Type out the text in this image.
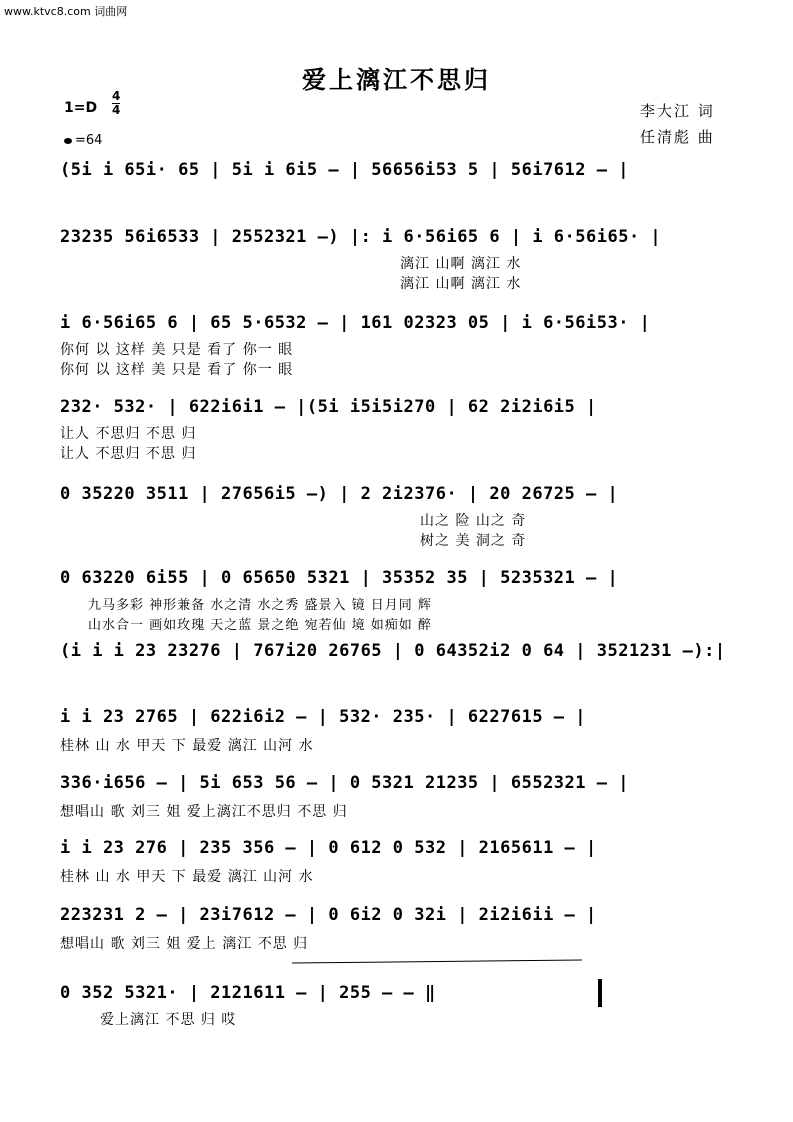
www.ktvc8.com 词曲网
爱上漓江不思归
1=D
4
4
=64
李大江 词
任清彪 曲
(5i i 65i· 65 | 5i i 6i5 – | 56656i53 5 | 56i7612 – |
23235 56i6533 | 2552321 –) |: i 6·56i65 6 | i 6·56i65· |
漓江 山啊 漓江 水
漓江 山啊 漓江 水
i 6·56i65 6 | 65 5·6532 – | 161 02323 05 | i 6·56i53· |
你何 以 这样 美 只是 看了 你一 眼
你何 以 这样 美 只是 看了 你一 眼
232· 532· | 622i6i1 – |(5i i5i5i270 | 62 2i2i6i5 |
让人 不思归 不思 归
让人 不思归 不思 归
0 35220 3511 | 27656i5 –) | 2 2i2376· | 20 26725 – |
山之 险 山之 奇
树之 美 洞之 奇
0 63220 6i55 | 0 65650 5321 | 35352 35 | 5235321 – |
九马多彩 神形兼备 水之清 水之秀 盛景入 镜 日月同 辉
山水合一 画如玫瑰 天之蓝 景之绝 宛若仙 境 如痴如 醉
(i i i 23 23276 | 767i20 26765 | 0 64352i2 0 64 | 3521231 –):|
i i 23 2765 | 622i6i2 – | 532· 235· | 6227615 – |
桂林 山 水 甲天 下 最爱 漓江 山河 水
336·i656 – | 5i 653 56 – | 0 5321 21235 | 6552321 – |
想唱山 歌 刘三 姐 爱上漓江不思归 不思 归
i i 23 276 | 235 356 – | 0 612 0 532 | 2165611 – |
桂林 山 水 甲天 下 最爱 漓江 山河 水
223231 2 – | 23i7612 – | 0 6i2 0 32i | 2i2i6ii – |
想唱山 歌 刘三 姐 爱上 漓江 不思 归
0 352 5321· | 2121611 – | 255 – – ‖
爱上漓江 不思 归 哎
